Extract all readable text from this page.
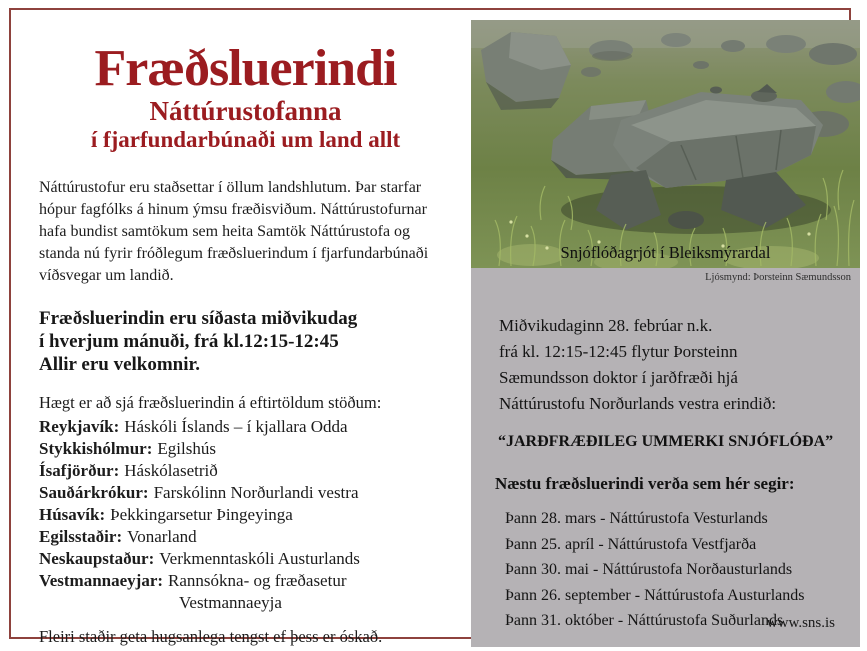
Fræðsluerindi
Náttúrustofanna
í fjarfundarbúnaði um land allt
Náttúrustofur eru staðsettar í öllum landshlutum. Þar starfar
hópur fagfólks á hinum ýmsu fræðisviðum. Náttúrustofurnar
hafa bundist samtökum sem heita Samtök Náttúrustofa og
standa nú fyrir fróðlegum fræðsluerindum í fjarfundarbúnaði
víðsvegar um landið.
Fræðsluerindin eru síðasta miðvikudag
í hverjum mánuði, frá kl.12:15-12:45
Allir eru velkomnir.
Hægt er að sjá fræðsluerindin á eftirtöldum stöðum:
Reykjavík: Háskóli Íslands – í kjallara Odda
Stykkishólmur: Egilshús
Ísafjörður: Háskólasetrið
Sauðárkrókur: Farskólinn Norðurlandi vestra
Húsavík: Þekkingarsetur Þingeyinga
Egilsstaðir: Vonarland
Neskaupstaður: Verkmenntaskóli Austurlands
Vestmannaeyjar: Rannsókna- og fræðasetur
Vestmannaeyja
Fleiri staðir geta hugsanlega tengst ef þess er óskað.
Snjóflóðagrjót í Bleiksmýrardal
Ljósmynd: Þorsteinn Sæmundsson
Miðvikudaginn 28. febrúar n.k.
frá kl. 12:15-12:45 flytur Þorsteinn
Sæmundsson doktor í jarðfræði hjá
Náttúrustofu Norðurlands vestra erindið:
“JARÐFRÆÐILEG UMMERKI SNJÓFLÓÐA”
Næstu fræðsluerindi verða sem hér segir:
Þann 28. mars - Náttúrustofa Vesturlands
Þann 25. apríl - Náttúrustofa Vestfjarða
Þann 30. mai - Náttúrustofa Norðausturlands
Þann 26. september - Náttúrustofa Austurlands
Þann 31. október - Náttúrustofa Suðurlands
www.sns.is
